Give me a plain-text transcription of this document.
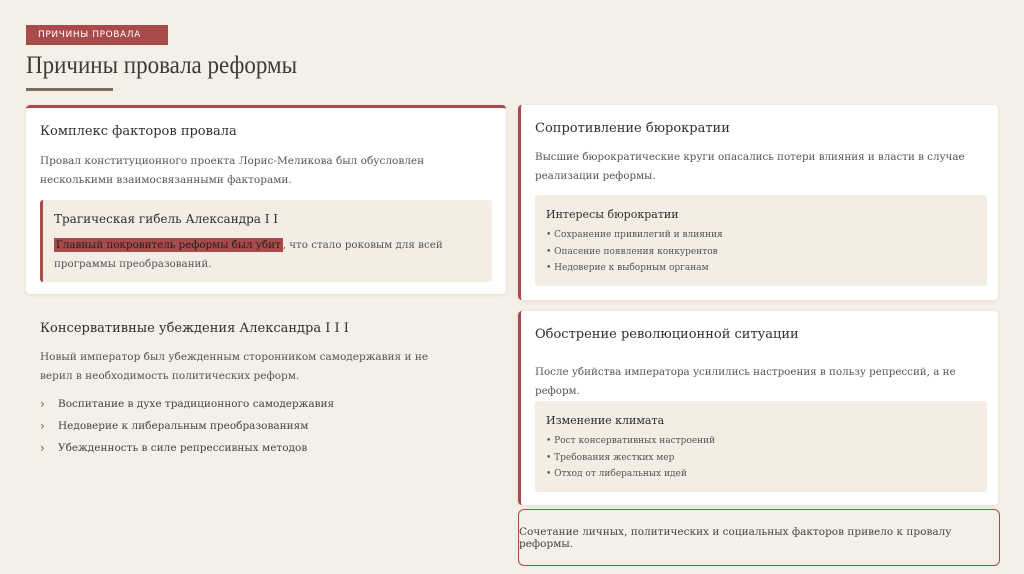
ПРИЧИНЫ ПРОВАЛА
Причины провала реформы
Комплекс факторов провала
Провал конституционного проекта Лорис-Меликова был обусловлен несколькими взаимосвязанными факторами.
Трагическая гибель Александра I I
Главный покровитель реформы был убит , что стало роковым для всей программы преобразований.
Консервативные убеждения Александра I I I
Новый император был убежденным сторонником самодержавия и не верил в необходимость политических реформ.
›	Воспитание в духе традиционного самодержавия
›	Недоверие к либеральным преобразованиям
›	Убежденность в силе репрессивных методов
Сопротивление бюрократии
Высшие бюрократические круги опасались потери влияния и власти в случае реализации реформы.
Интересы бюрократии
• Сохранение привилегий и влияния
• Опасение появления конкурентов
• Недоверие к выборным органам
Обострение революционной ситуации
После убийства императора усилились настроения в пользу репрессий, а не реформ.
Изменение климата
• Рост консервативных настроений
• Требования жестких мер
• Отход от либеральных идей
Сочетание личных, политических и социальных факторов привело к провалу реформы.
